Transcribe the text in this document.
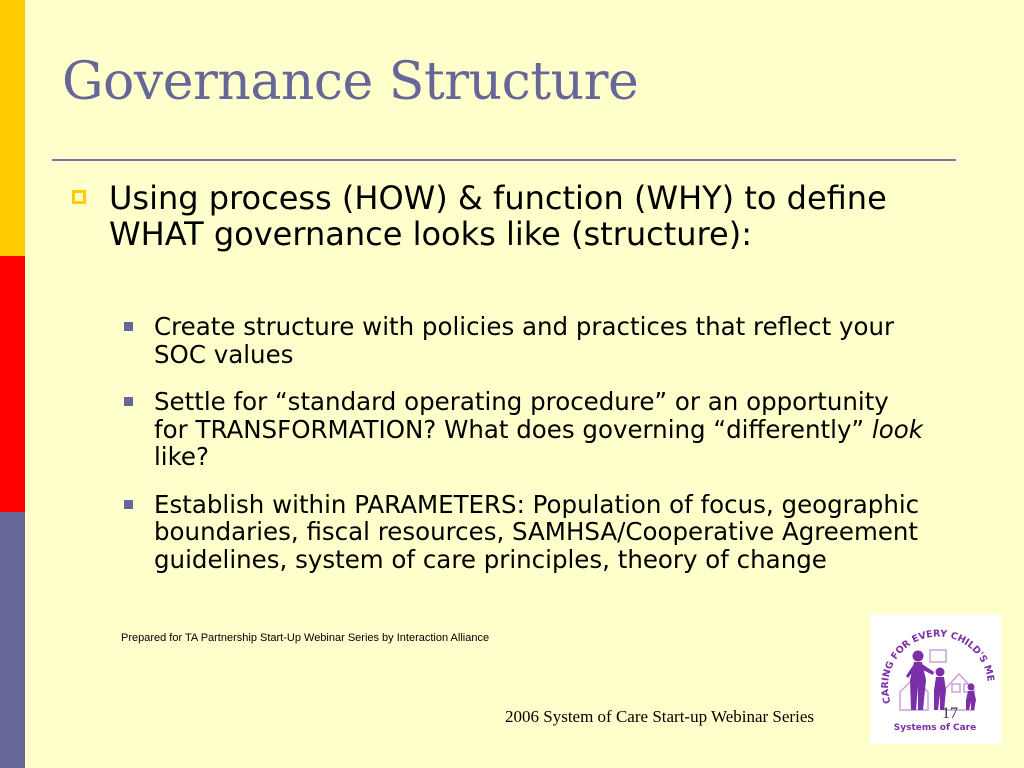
Governance Structure
Using process (HOW) & function (WHY) to define WHAT governance looks like (structure):
Create structure with policies and practices that reflect your SOC values
Settle for “standard operating procedure” or an opportunity for TRANSFORMATION? What does governing “differently” look like?
Establish within PARAMETERS: Population of focus, geographic boundaries, fiscal resources, SAMHSA/Cooperative Agreement guidelines, system of care principles, theory of change
Prepared for TA Partnership Start-Up Webinar Series by Interaction Alliance
2006 System of Care Start-up Webinar Series
CARING FOR EVERY CHILD'S ME
Systems of Care
17
